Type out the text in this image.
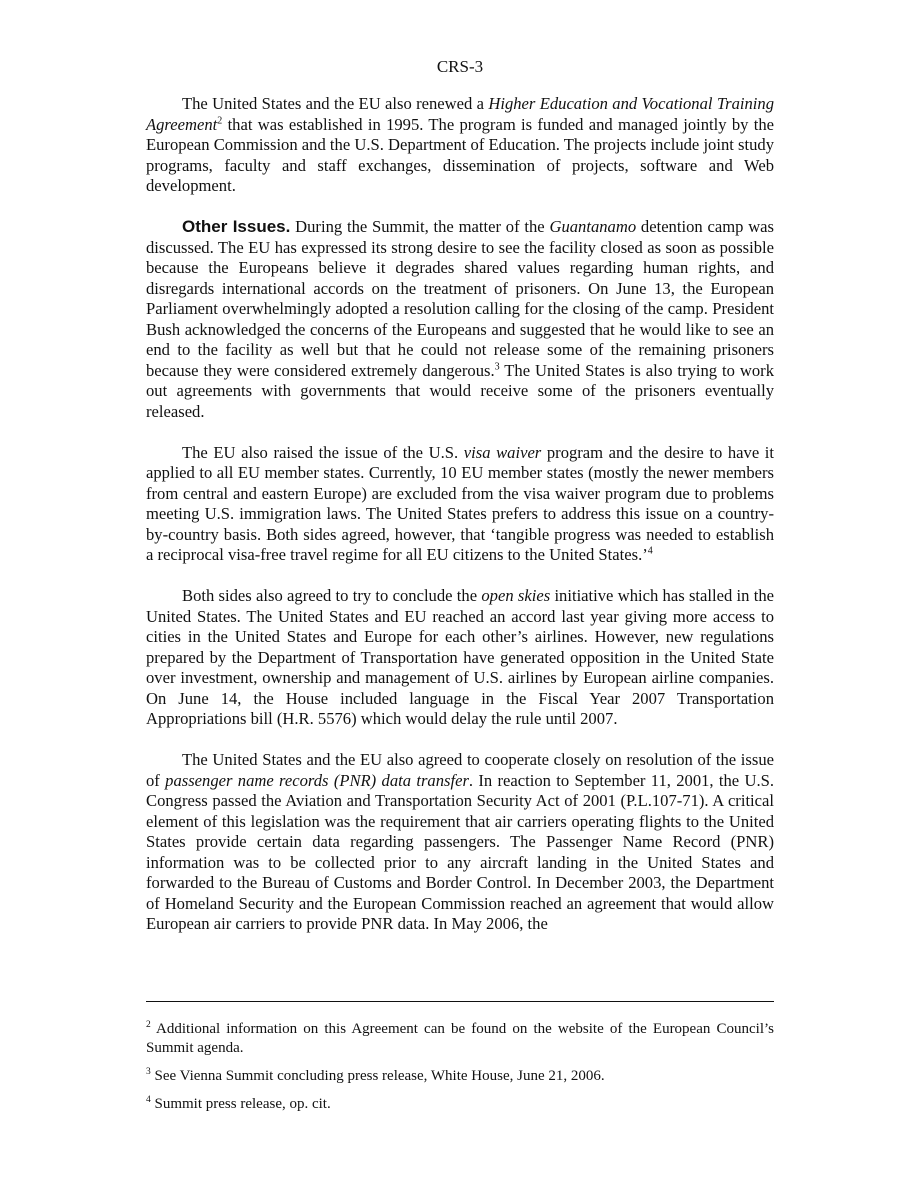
CRS-3

The United States and the EU also renewed a Higher Education and Vocational Training Agreement$^2$ that was established in 1995. The program is funded and managed jointly by the European Commission and the U.S. Department of Education. The projects include joint study programs, faculty and staff exchanges, dissemination of projects, software and Web development.

Other Issues. During the Summit, the matter of the Guantanamo detention camp was discussed. The EU has expressed its strong desire to see the facility closed as soon as possible because the Europeans believe it degrades shared values regarding human rights, and disregards international accords on the treatment of prisoners. On June 13, the European Parliament overwhelmingly adopted a resolution calling for the closing of the camp. President Bush acknowledged the concerns of the Europeans and suggested that he would like to see an end to the facility as well but that he could not release some of the remaining prisoners because they were considered extremely dangerous.$^3$ The United States is also trying to work out agreements with governments that would receive some of the prisoners eventually released.

The EU also raised the issue of the U.S. visa waiver program and the desire to have it applied to all EU member states. Currently, 10 EU member states (mostly the newer members from central and eastern Europe) are excluded from the visa waiver program due to problems meeting U.S. immigration laws. The United States prefers to address this issue on a country-by-country basis. Both sides agreed, however, that ‘tangible progress was needed to establish a reciprocal visa-free travel regime for all EU citizens to the United States.’$^4$

Both sides also agreed to try to conclude the open skies initiative which has stalled in the United States. The United States and EU reached an accord last year giving more access to cities in the United States and Europe for each other’s airlines. However, new regulations prepared by the Department of Transportation have generated opposition in the United State over investment, ownership and management of U.S. airlines by European airline companies. On June 14, the House included language in the Fiscal Year 2007 Transportation Appropriations bill (H.R. 5576) which would delay the rule until 2007.

The United States and the EU also agreed to cooperate closely on resolution of the issue of passenger name records (PNR) data transfer. In reaction to September 11, 2001, the U.S. Congress passed the Aviation and Transportation Security Act of 2001 (P.L.107-71). A critical element of this legislation was the requirement that air carriers operating flights to the United States provide certain data regarding passengers. The Passenger Name Record (PNR) information was to be collected prior to any aircraft landing in the United States and forwarded to the Bureau of Customs and Border Control. In December 2003, the Department of Homeland Security and the European Commission reached an agreement that would allow European air carriers to provide PNR data. In May 2006, the

$^2$ Additional information on this Agreement can be found on the website of the European Council’s Summit agenda.
$^3$ See Vienna Summit concluding press release, White House, June 21, 2006.
$^4$ Summit press release, op. cit.
